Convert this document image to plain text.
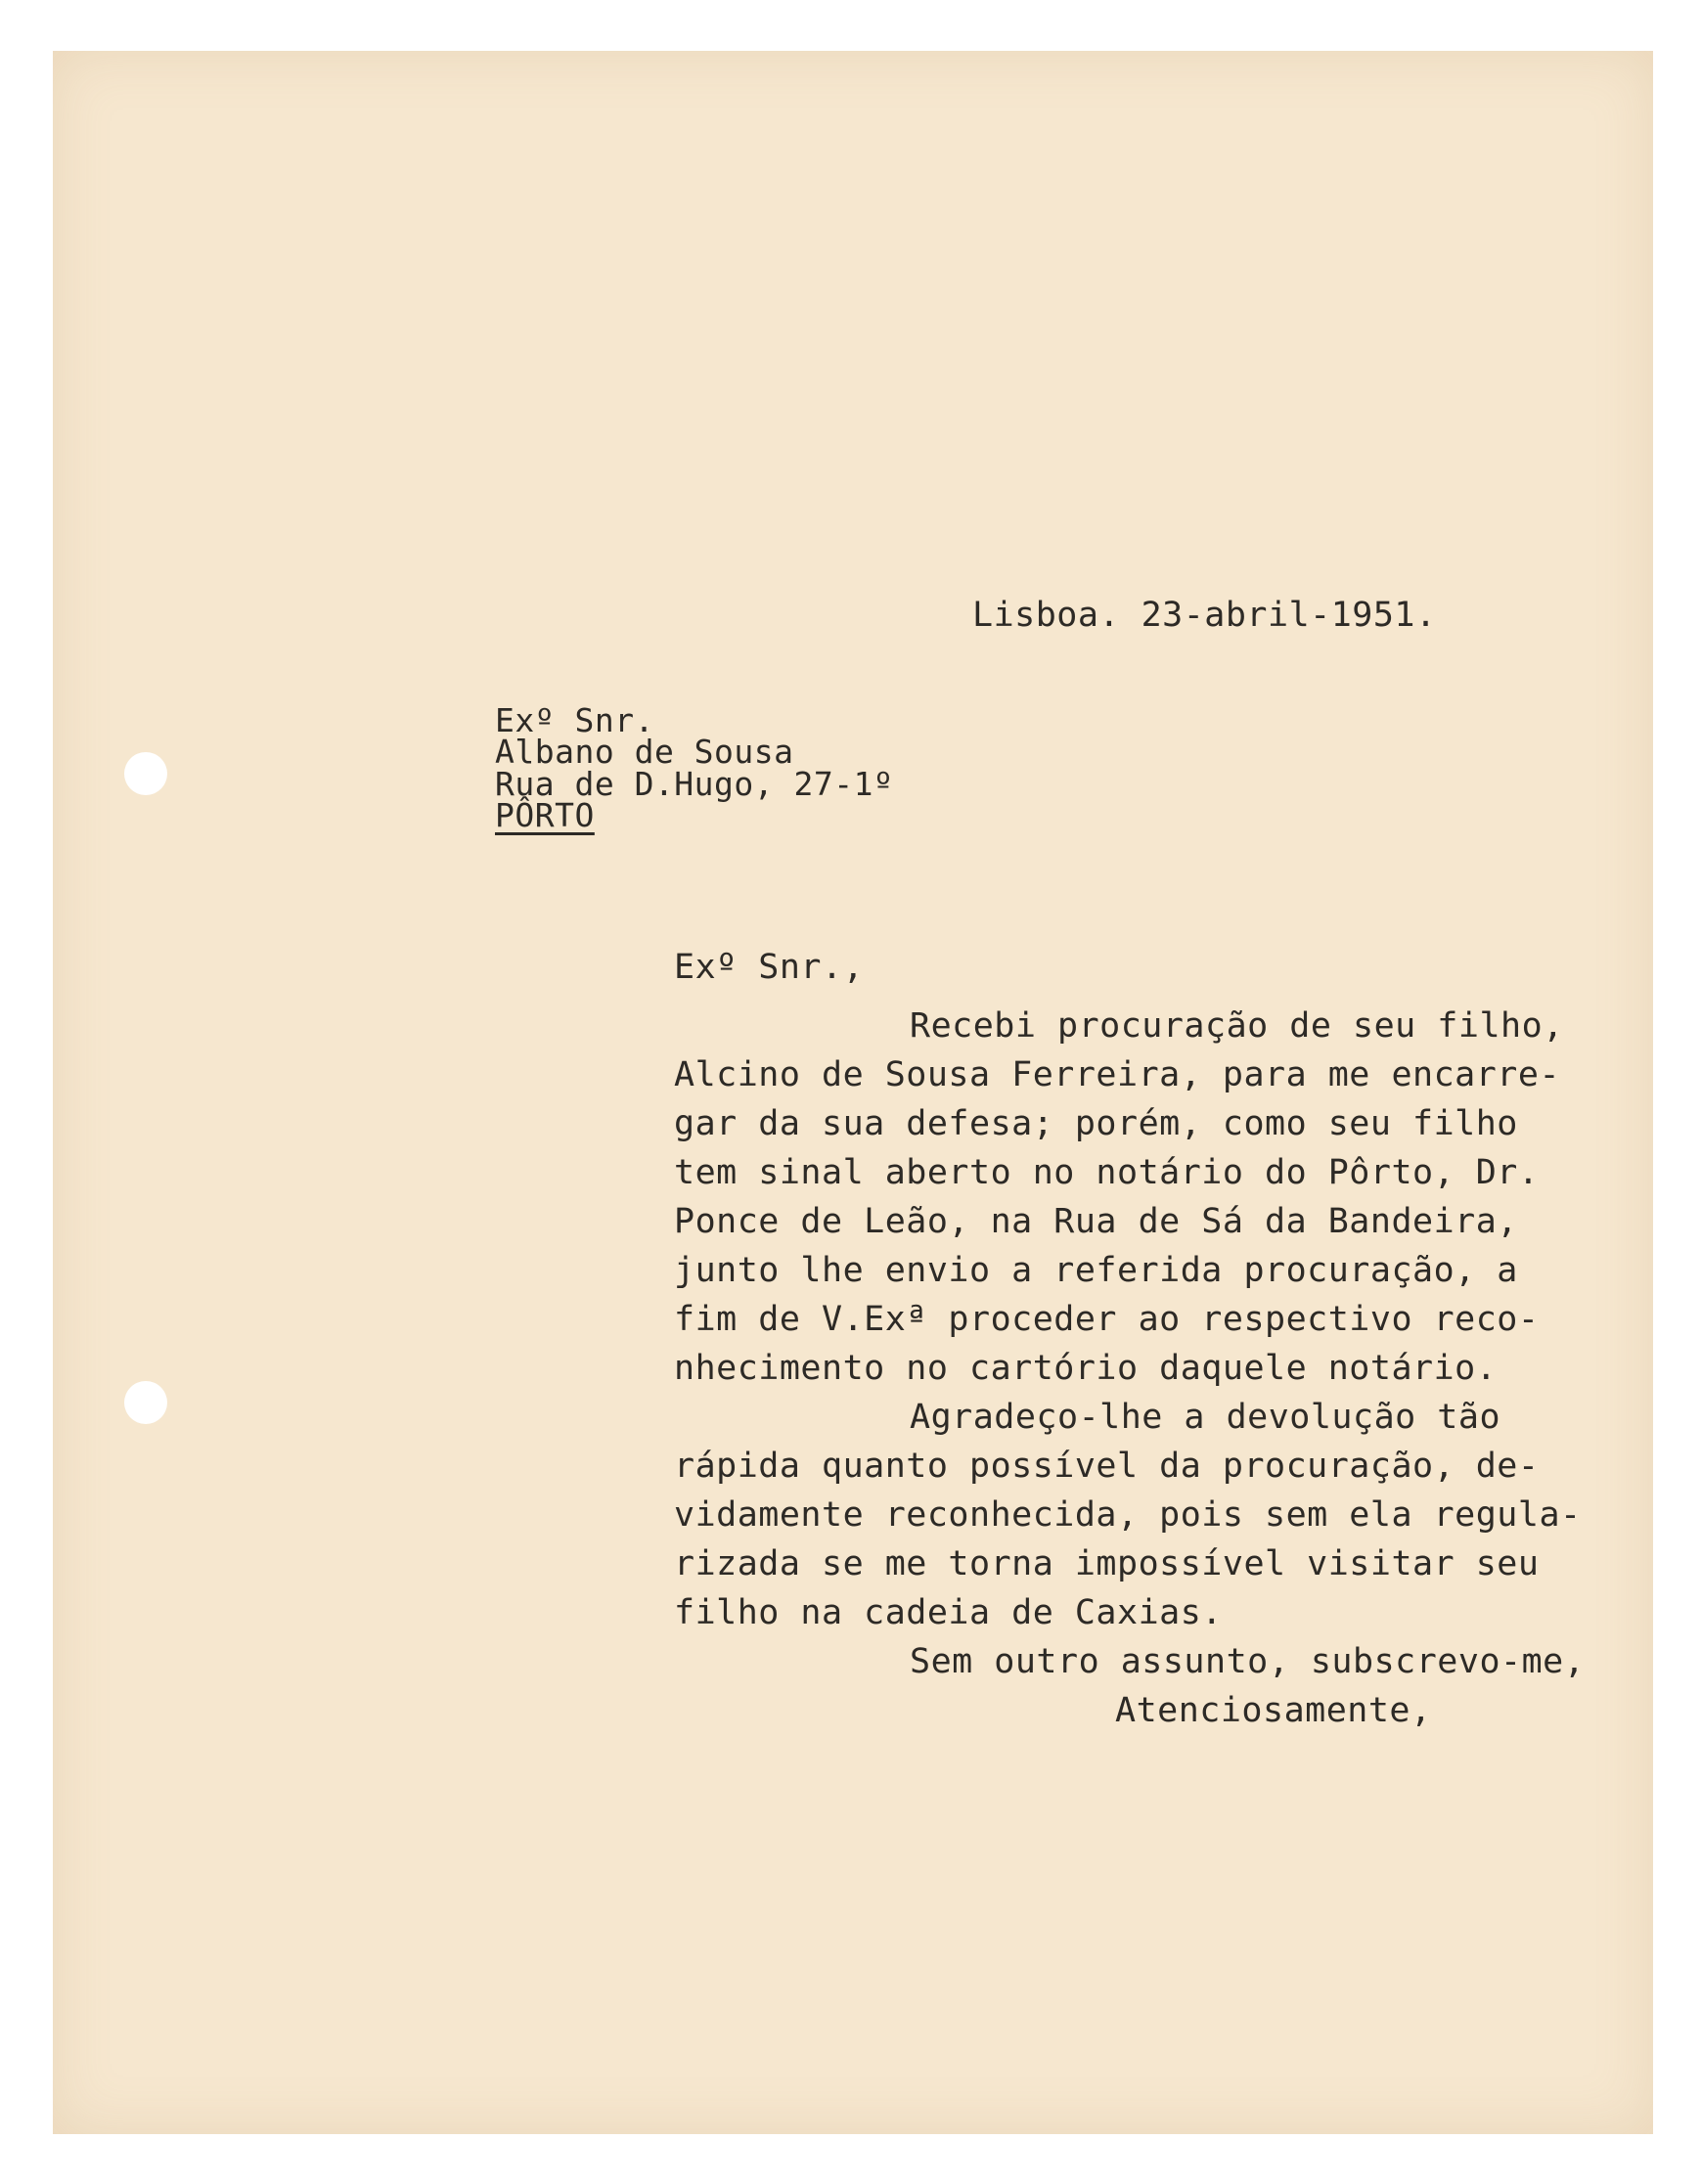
Lisboa. 23-abril-1951.

Exº Snr.

Albano de Sousa

Rua de D.Hugo, 27-1º

PÔRTO

Exº Snr.,

Recebi procuração de seu filho,

Alcino de Sousa Ferreira, para me encarre-

gar da sua defesa; porém, como seu filho

tem sinal aberto no notário do Pôrto, Dr.

Ponce de Leão, na Rua de Sá da Bandeira,

junto lhe envio a referida procuração, a

fim de V.Exª proceder ao respectivo reco-

nhecimento no cartório daquele notário.

Agradeço-lhe a devolução tão

rápida quanto possível da procuração, de-

vidamente reconhecida, pois sem ela regula-

rizada se me torna impossível visitar seu

filho na cadeia de Caxias.

Sem outro assunto, subscrevo-me,

Atenciosamente,
